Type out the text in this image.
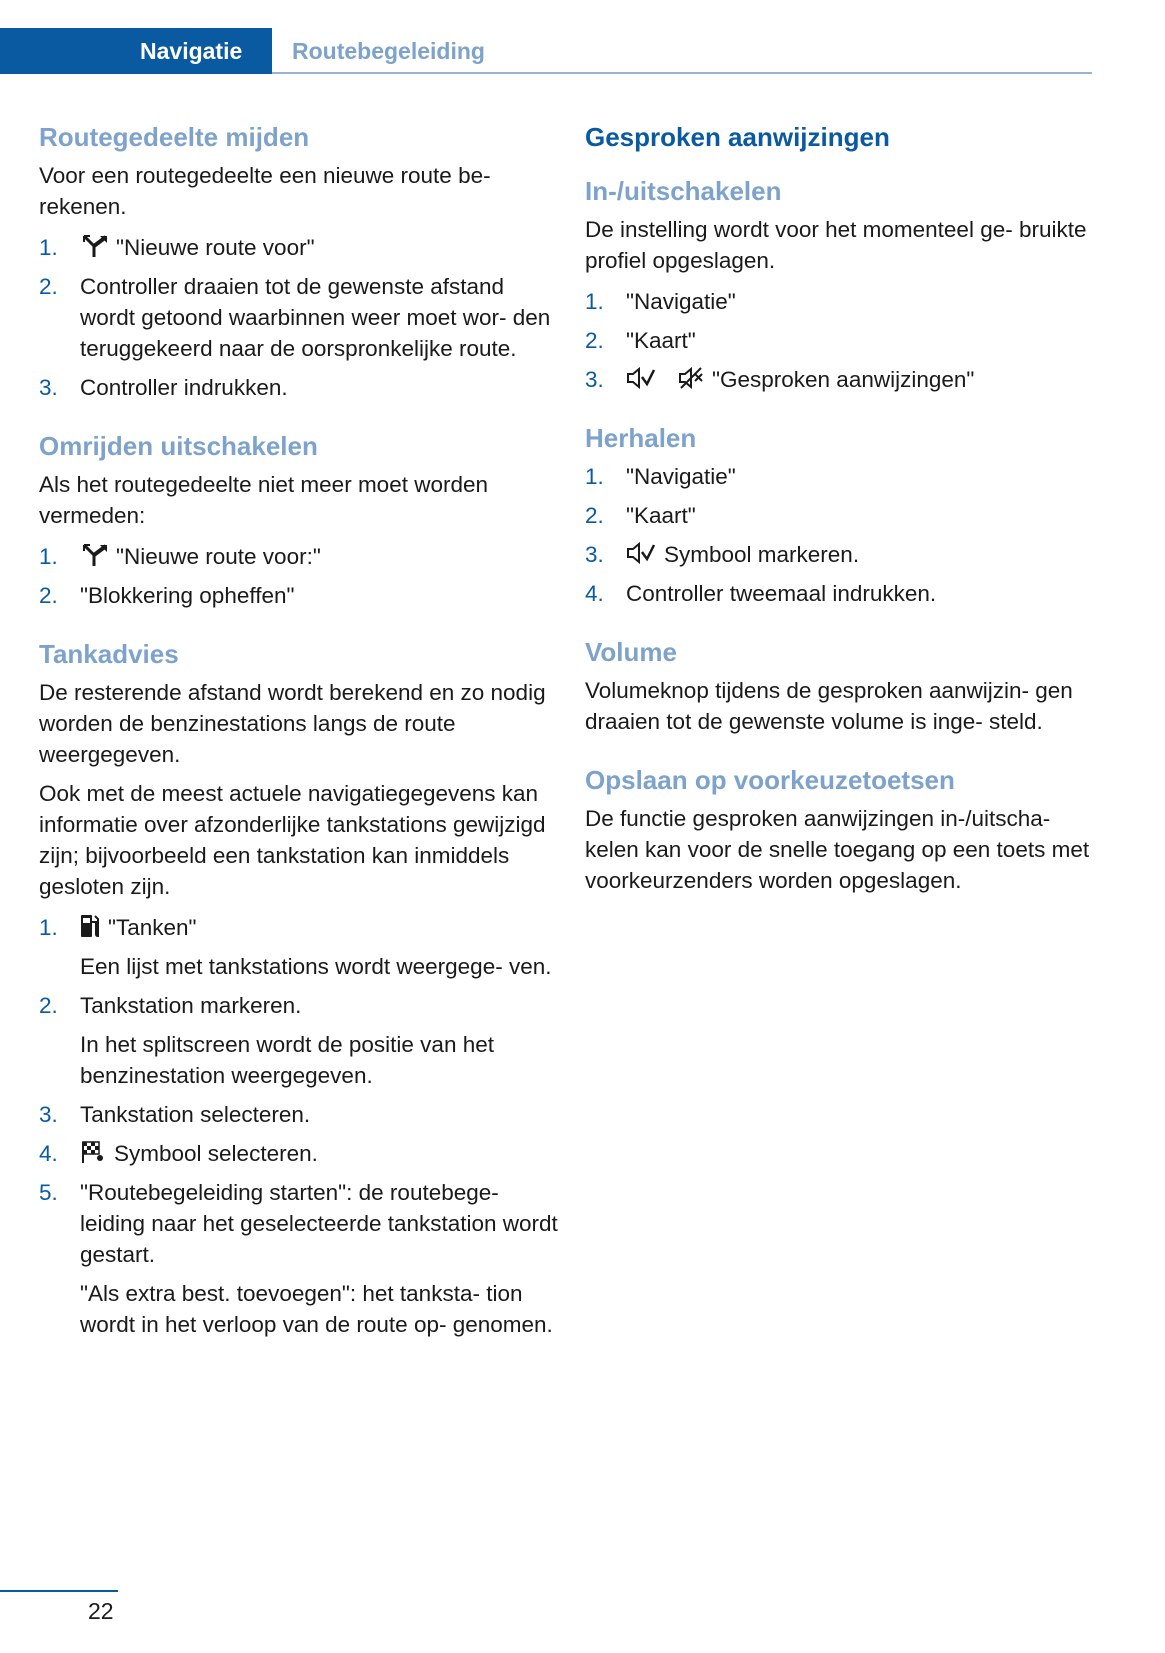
Navigatie	Routebegeleiding
Routegedeelte mijden

Voor een routegedeelte een nieuwe route be- rekenen.

1.	"Nieuwe route voor"
2. Controller draaien tot de gewenste afstand wordt getoond waarbinnen weer moet wor- den teruggekeerd naar de oorspronkelijke route.
3. Controller indrukken.
Omrijden uitschakelen

Als het routegedeelte niet meer moet worden vermeden:

1.	"Nieuwe route voor:"
2. "Blokkering opheffen"
Tankadvies

De resterende afstand wordt berekend en zo nodig worden de benzinestations langs de route weergegeven.

Ook met de meest actuele navigatiegegevens kan informatie over afzonderlijke tankstations gewijzigd zijn; bijvoorbeeld een tankstation kan inmiddels gesloten zijn.

1. "Tanken"
Een lijst met tankstations wordt weergege- ven.
2. Tankstation markeren.
In het splitscreen wordt de positie van het benzinestation weergegeven.
3. Tankstation selecteren.
4. Symbool selecteren.
5. "Routebegeleiding starten": de routebege- leiding naar het geselecteerde tankstation wordt gestart.
"Als extra best. toevoegen": het tanksta- tion wordt in het verloop van de route op- genomen.
Gesproken aanwijzingen
In-/uitschakelen

De instelling wordt voor het momenteel ge- bruikte profiel opgeslagen.

1. "Navigatie"
2. "Kaart"
3.	"Gesproken aanwijzingen"
Herhalen
1. "Navigatie"
2. "Kaart"
3.	Symbool markeren.
4. Controller tweemaal indrukken.
Volume

Volumeknop tijdens de gesproken aanwijzin- gen draaien tot de gewenste volume is inge- steld.

Opslaan op voorkeuzetoetsen

De functie gesproken aanwijzingen in-/uitscha- kelen kan voor de snelle toegang op een toets met voorkeurzenders worden opgeslagen.

22
